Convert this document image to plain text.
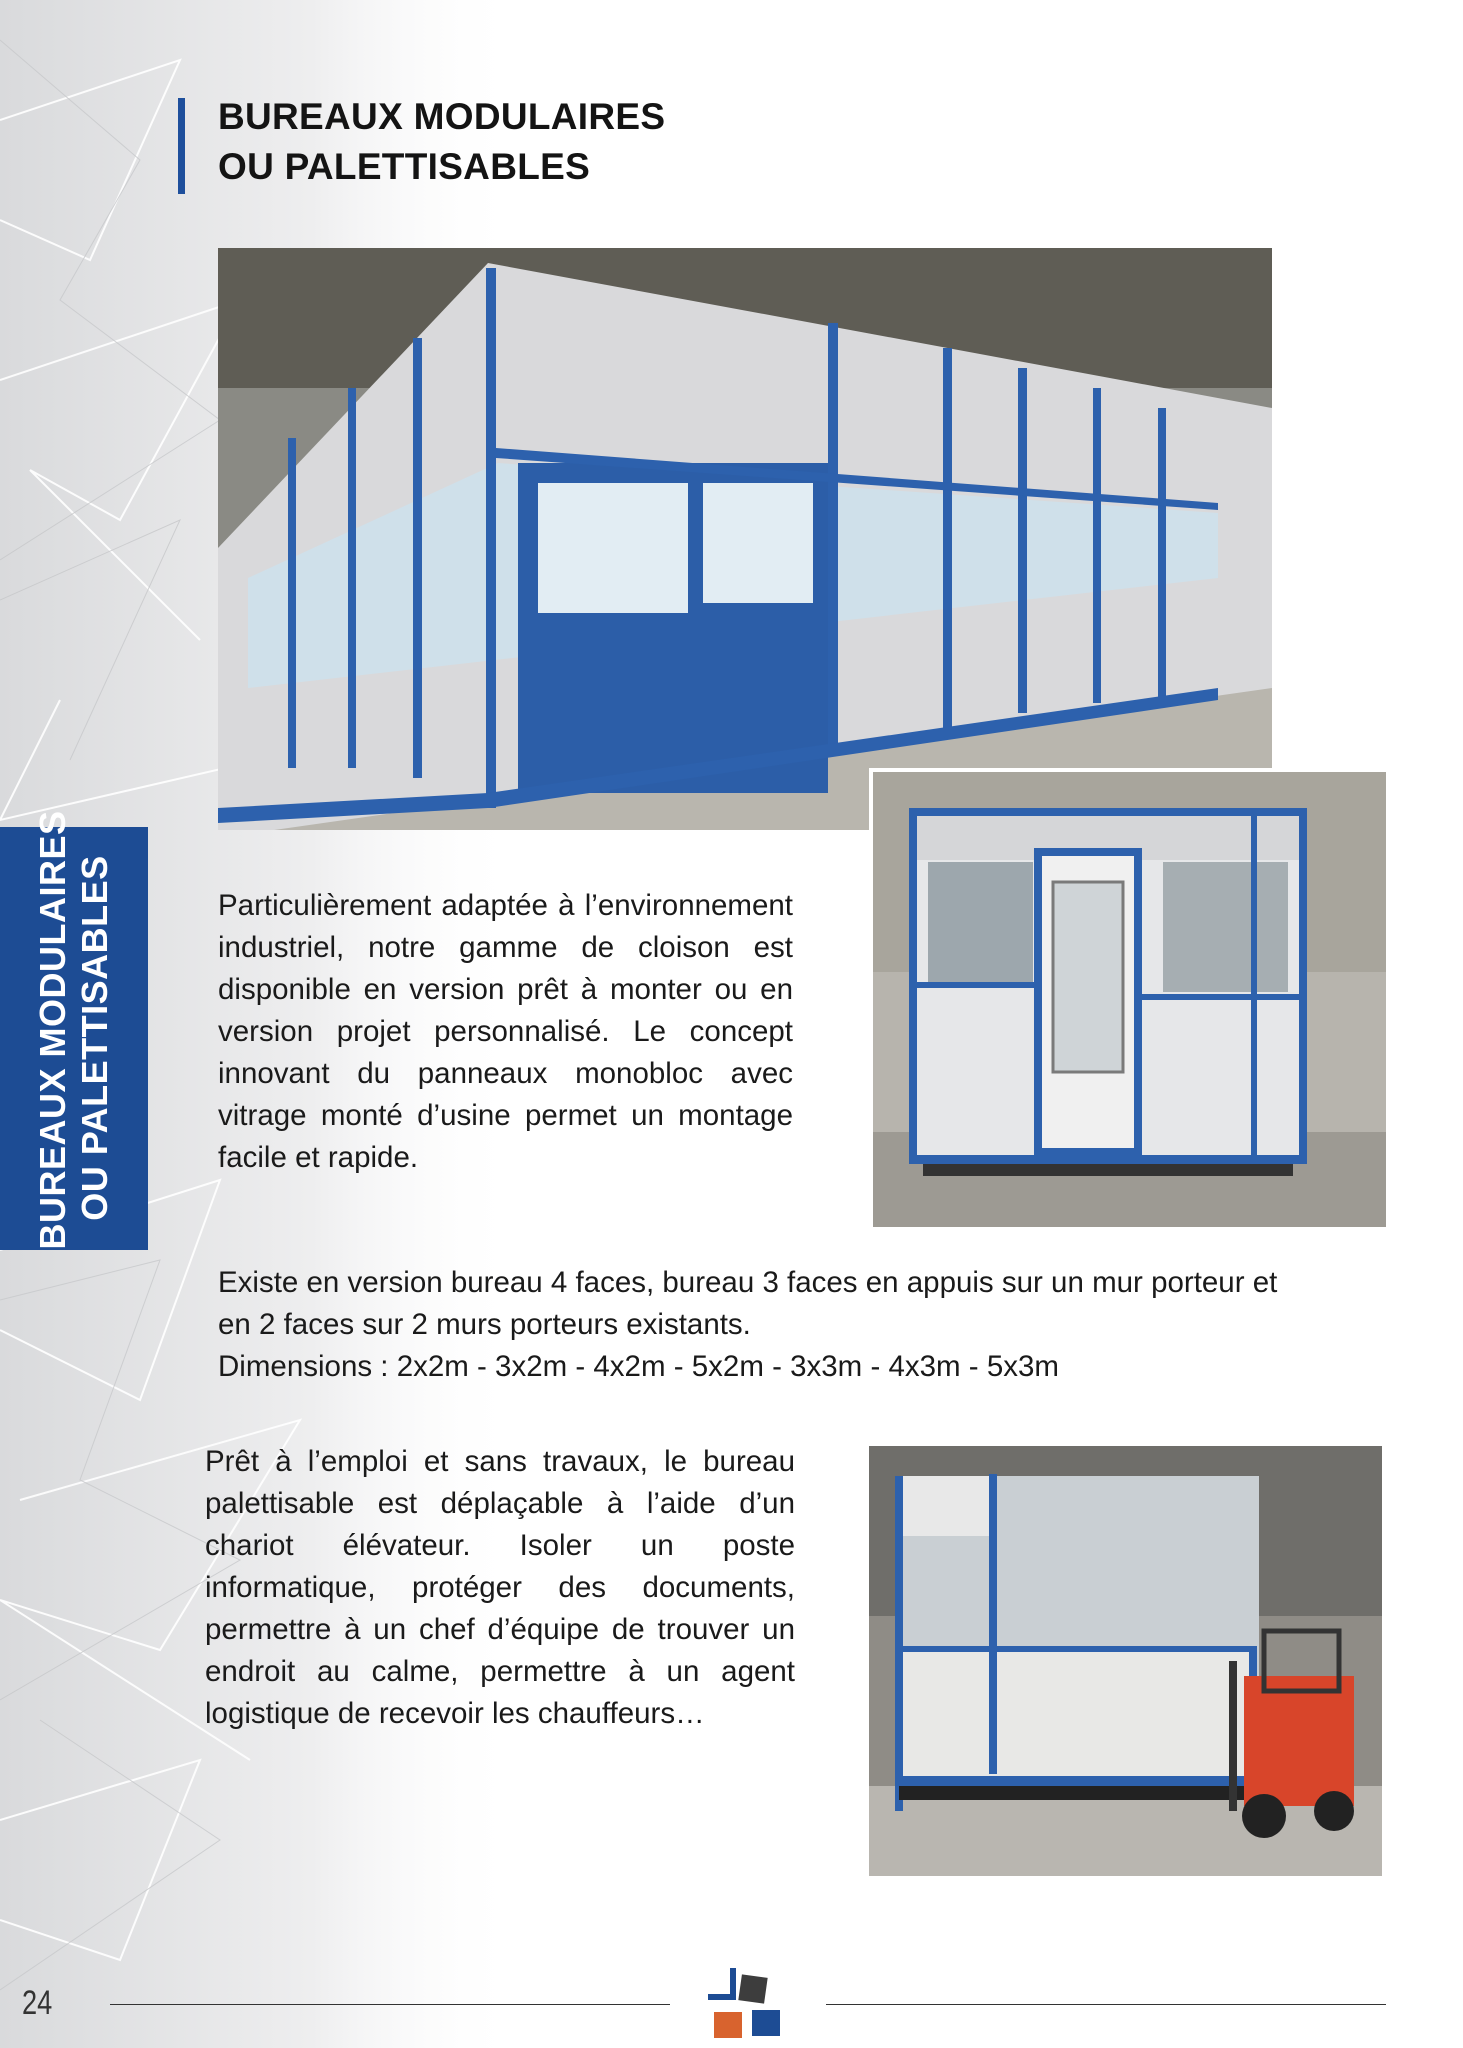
BUREAUX MODULAIRES
OU PALETTISABLES
BUREAUX MODULAIRES OU PALETTISABLES	Particulièrement adaptée à l’environnement industriel, notre gamme de cloison est disponible en version prêt à monter ou en version projet personnalisé. Le concept innovant du panneaux monobloc avec vitrage monté d’usine permet un montage facile et rapide.
Existe en version bureau 4 faces, bureau 3 faces en appuis sur un mur porteur et
en 2 faces sur 2 murs porteurs existants.
Dimensions : 2x2m - 3x2m - 4x2m - 5x2m - 3x3m - 4x3m - 5x3m
Prêt à l’emploi et sans travaux, le bureau palettisable est déplaçable à l’aide d’un chariot élévateur. Isoler un poste informatique, protéger des documents, permettre à un chef d’équipe de trouver un endroit au calme, permettre à un agent logistique de recevoir les chauffeurs…
24
